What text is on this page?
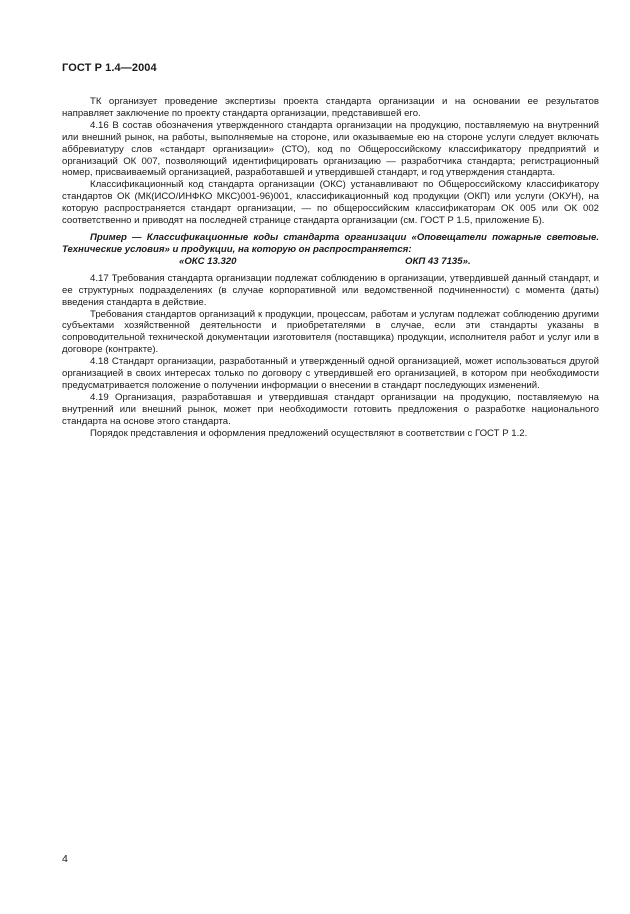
ГОСТ Р 1.4—2004

ТК организует проведение экспертизы проекта стандарта организации и на основании ее результатов направляет заключение по проекту стандарта организации, представившей его.

4.16 В состав обозначения утвержденного стандарта организации на продукцию, поставляемую на внутренний или внешний рынок, на работы, выполняемые на стороне, или оказываемые ею на стороне услуги следует включать аббревиатуру слов «стандарт организации» (СТО), код по Общероссийскому классификатору предприятий и организаций ОК 007, позволяющий идентифицировать организацию — разработчика стандарта; регистрационный номер, присваиваемый организацией, разработавшей и утвердившей стандарт, и год утверждения стандарта.

Классификационный код стандарта организации (ОКС) устанавливают по Общероссийскому классификатору стандартов ОК (МК(ИСО/ИНФКО МКС)001-96)001, классификационный код продукции (ОКП) или услуги (ОКУН), на которую распространяется стандарт организации, — по общероссийским классификаторам ОК 005 или ОК 002 соответственно и приводят на последней странице стандарта организации (см. ГОСТ Р 1.5, приложение Б).

Пример — Классификационные коды стандарта организации «Оповещатели пожарные световые. Технические условия» и продукции, на которую он распространяется:

«ОКС 13.320	ОКП 43 7135».

4.17 Требования стандарта организации подлежат соблюдению в организации, утвердившей данный стандарт, и ее структурных подразделениях (в случае корпоративной или ведомственной подчиненности) с момента (даты) введения стандарта в действие.

Требования стандартов организаций к продукции, процессам, работам и услугам подлежат соблюдению другими субъектами хозяйственной деятельности и приобретателями в случае, если эти стандарты указаны в сопроводительной технической документации изготовителя (поставщика) продукции, исполнителя работ и услуг или в договоре (контракте).

4.18 Стандарт организации, разработанный и утвержденный одной организацией, может использоваться другой организацией в своих интересах только по договору с утвердившей его организацией, в котором при необходимости предусматривается положение о получении информации о внесении в стандарт последующих изменений.

4.19 Организация, разработавшая и утвердившая стандарт организации на продукцию, поставляемую на внутренний или внешний рынок, может при необходимости готовить предложения о разработке национального стандарта на основе этого стандарта.

Порядок представления и оформления предложений осуществляют в соответствии с ГОСТ Р 1.2.

4
